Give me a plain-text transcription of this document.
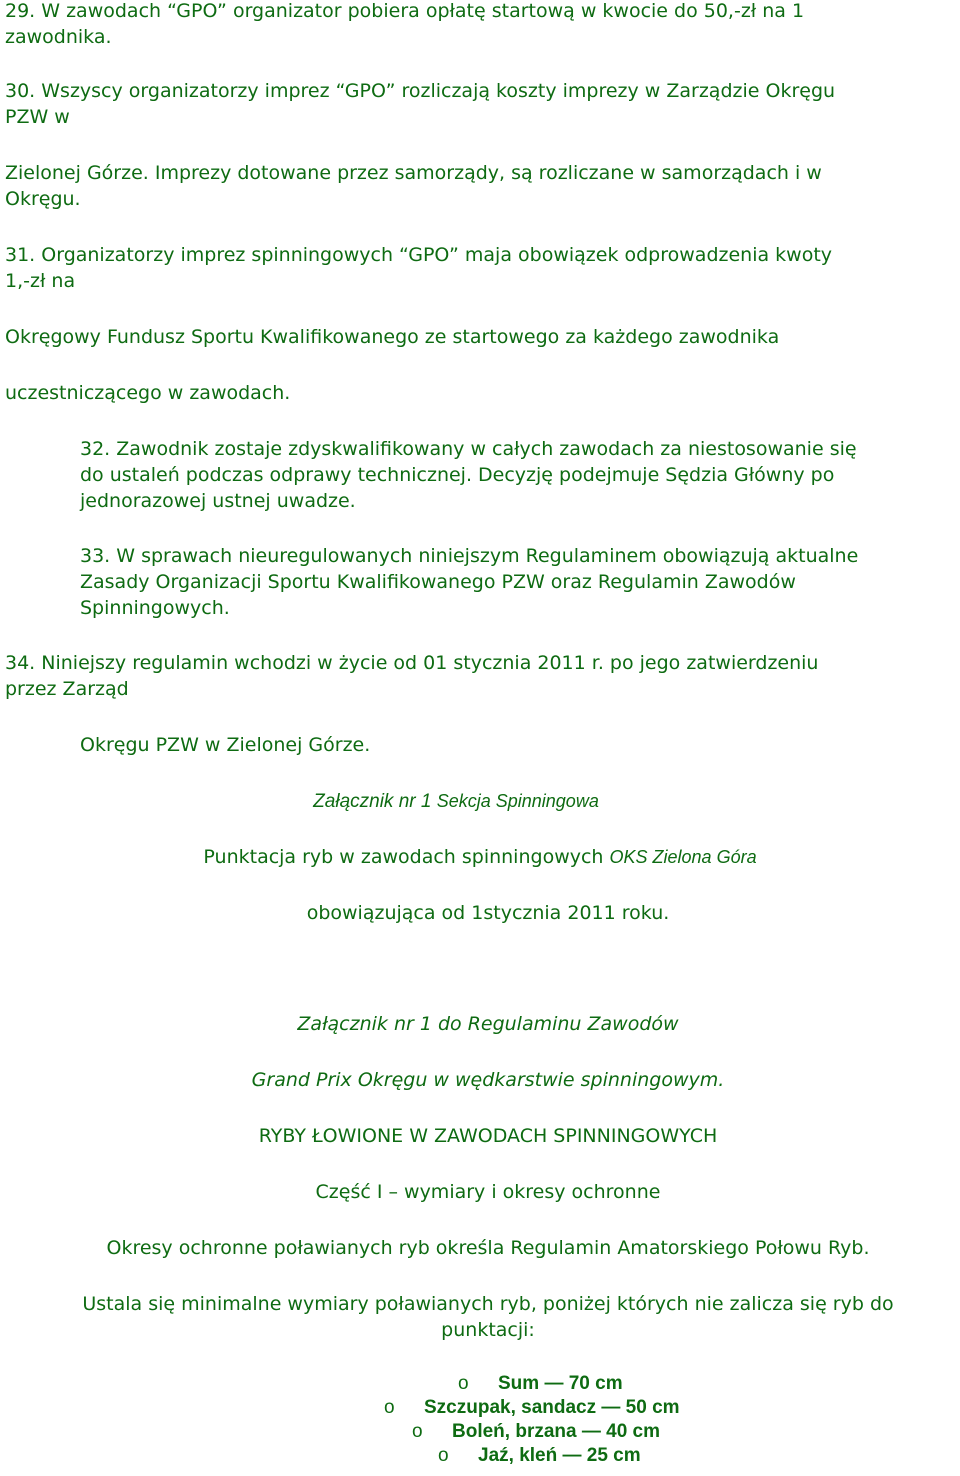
29. W zawodach “GPO” organizator pobiera opłatę startową w kwocie do 50,-zł na 1
zawodnika.
30. Wszyscy organizatorzy imprez “GPO” rozliczają koszty imprezy w Zarządzie Okręgu
PZW w
Zielonej Górze. Imprezy dotowane przez samorządy, są rozliczane w samorządach i w
Okręgu.
31. Organizatorzy imprez spinningowych “GPO” maja obowiązek odprowadzenia kwoty
1,-zł na
Okręgowy Fundusz Sportu Kwalifikowanego ze startowego za każdego zawodnika
uczestniczącego w zawodach.
32. Zawodnik zostaje zdyskwalifikowany w całych zawodach za niestosowanie się
do ustaleń podczas odprawy technicznej. Decyzję podejmuje Sędzia Główny po
jednorazowej ustnej uwadze.
33. W sprawach nieuregulowanych niniejszym Regulaminem obowiązują aktualne
Zasady Organizacji Sportu Kwalifikowanego PZW oraz Regulamin Zawodów
Spinningowych.
34. Niniejszy regulamin wchodzi w życie od 01 stycznia 2011 r. po jego zatwierdzeniu
przez Zarząd
Okręgu PZW w Zielonej Górze.
Załącznik nr 1 Sekcja Spinningowa
Punktacja ryb w zawodach spinningowych OKS Zielona Góra
obowiązująca od 1stycznia 2011 roku.
Załącznik nr 1 do Regulaminu Zawodów
Grand Prix Okręgu w wędkarstwie spinningowym.
RYBY ŁOWIONE W ZAWODACH SPINNINGOWYCH
Część I – wymiary i okresy ochronne
Okresy ochronne poławianych ryb określa Regulamin Amatorskiego Połowu Ryb.
Ustala się minimalne wymiary poławianych ryb, poniżej których nie zalicza się ryb do
punktacji:
o Sum — 70 cm
o Szczupak, sandacz — 50 cm
o Boleń, brzana — 40 cm
o Jaź, kleń — 25 cm
